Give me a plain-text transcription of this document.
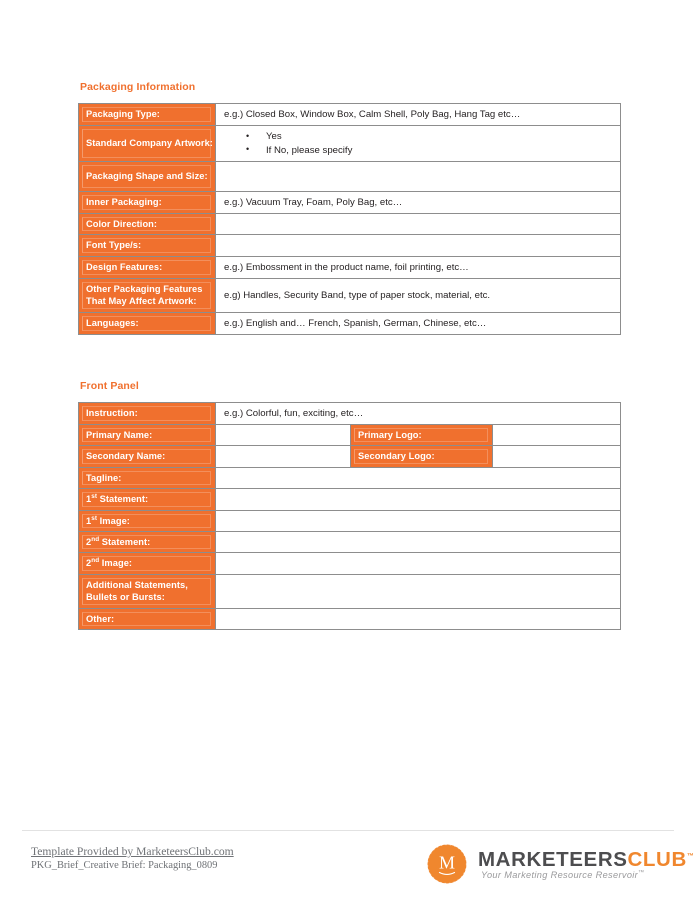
Packaging Information
Packaging Type:	e.g.) Closed Box, Window Box, Calm Shell, Poly Bag, Hang Tag etc…

Standard Company Artwork:

• Yes
• If No, please specify

Packaging Shape and Size:	

Inner Packaging:	e.g.) Vacuum Tray, Foam, Poly Bag, etc…

Color Direction:	

Font Type/s:	

Design Features:	e.g.) Embossment in the product name, foil printing, etc…

Other Packaging Features That May Affect Artwork:	e.g) Handles, Security Band, type of paper stock, material, etc.

Languages:	e.g.) English and… French, Spanish, German, Chinese, etc…
Front Panel
Instruction:	e.g.) Colorful, fun, exciting, etc…		

Primary Name:		Primary Logo:	

Secondary Name:		Secondary Logo:	

Tagline:			

1st Statement:			

1st Image:			

2nd Statement:			

2nd Image:			

Additional Statements, Bullets or Bursts:			

Other:			

Template Provided by MarketeersClub.com
PKG_Brief_Creative Brief: Packaging_0809	M MARKETEERSCLUB™
Your Marketing Resource Reservoir™
